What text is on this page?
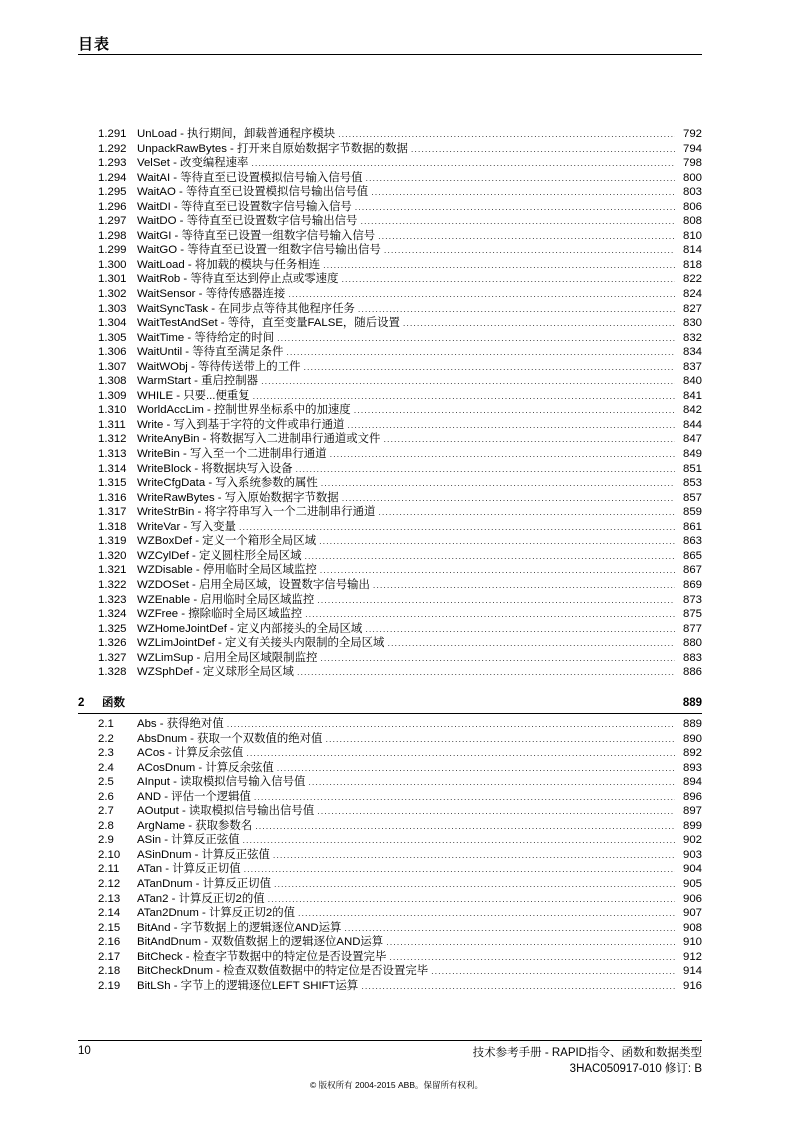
目表
1.291 UnLoad - 执行期间，卸载普通程序模块 .....	792
1.292 UnpackRawBytes - 打开来自原始数据字节数据的数据 .....	794
1.293 VelSet - 改变编程速率 .....	798
1.294 WaitAI - 等待直至已设置模拟信号输入信号值 .....	800
1.295 WaitAO - 等待直至已设置模拟信号输出信号值 .....	803
1.296 WaitDI - 等待直至已设置数字信号输入信号 .....	806
1.297 WaitDO - 等待直至已设置数字信号输出信号 .....	808
1.298 WaitGI - 等待直至已设置一组数字信号输入信号 .....	810
1.299 WaitGO - 等待直至已设置一组数字信号输出信号 .....	814
1.300 WaitLoad - 将加载的模块与任务相连 .....	818
1.301 WaitRob - 等待直至达到停止点或零速度 .....	822
1.302 WaitSensor - 等待传感器连接 .....	824
1.303 WaitSyncTask - 在同步点等待其他程序任务 .....	827
1.304 WaitTestAndSet - 等待，直至变量FALSE，随后设置 .....	830
1.305 WaitTime - 等待给定的时间 .....	832
1.306 WaitUntil - 等待直至满足条件 .....	834
1.307 WaitWObj - 等待传送带上的工件 .....	837
1.308 WarmStart - 重启控制器 .....	840
1.309 WHILE - 只要...便重复 .....	841
1.310 WorldAccLim - 控制世界坐标系中的加速度 .....	842
1.311 Write - 写入到基于字符的文件或串行通道 .....	844
1.312 WriteAnyBin - 将数据写入二进制串行通道或文件 .....	847
1.313 WriteBin - 写入至一个二进制串行通道 .....	849
1.314 WriteBlock - 将数据块写入设备 .....	851
1.315 WriteCfgData - 写入系统参数的属性 .....	853
1.316 WriteRawBytes - 写入原始数据字节数据 .....	857
1.317 WriteStrBin - 将字符串写入一个二进制串行通道 .....	859
1.318 WriteVar - 写入变量 .....	861
1.319 WZBoxDef - 定义一个箱形全局区域 .....	863
1.320 WZCylDef - 定义圆柱形全局区域 .....	865
1.321 WZDisable - 停用临时全局区域监控 .....	867
1.322 WZDOSet - 启用全局区域，设置数字信号输出 .....	869
1.323 WZEnable - 启用临时全局区域监控 .....	873
1.324 WZFree - 擦除临时全局区域监控 .....	875
1.325 WZHomeJointDef - 定义内部接头的全局区域 .....	877
1.326 WZLimJointDef - 定义有关接头内限制的全局区域 .....	880
1.327 WZLimSup - 启用全局区域限制监控 .....	883
1.328 WZSphDef - 定义球形全局区域 .....	886
2 函数	889
2.1	Abs - 获得绝对值 .....	889
2.2	AbsDnum - 获取一个双数值的绝对值 .....	890
2.3	ACos - 计算反余弦值 .....	892
2.4	ACosDnum - 计算反余弦值 .....	893
2.5	AInput - 读取模拟信号输入信号值 .....	894
2.6	AND - 评估一个逻辑值 .....	896
2.7	AOutput - 读取模拟信号输出信号值 .....	897
2.8	ArgName - 获取参数名 .....	899
2.9	ASin - 计算反正弦值 .....	902
2.10	ASinDnum - 计算反正弦值 .....	903
2.11	ATan - 计算反正切值 .....	904
2.12	ATanDnum - 计算反正切值 .....	905
2.13	ATan2 - 计算反正切2的值 .....	906
2.14	ATan2Dnum - 计算反正切2的值 .....	907
2.15	BitAnd - 字节数据上的逻辑逐位AND运算 .....	908
2.16	BitAndDnum - 双数值数据上的逻辑逐位AND运算 .....	910
2.17	BitCheck - 检查字节数据中的特定位是否设置完毕 .....	912
2.18	BitCheckDnum - 检查双数值数据中的特定位是否设置完毕 .....	914
2.19	BitLSh - 字节上的逻辑逐位LEFT SHIFT运算 .....	916
10	技术参考手册 - RAPID指令、函数和数据类型
3HAC050917-010 修订: B
© 版权所有 2004-2015 ABB。保留所有权利。
